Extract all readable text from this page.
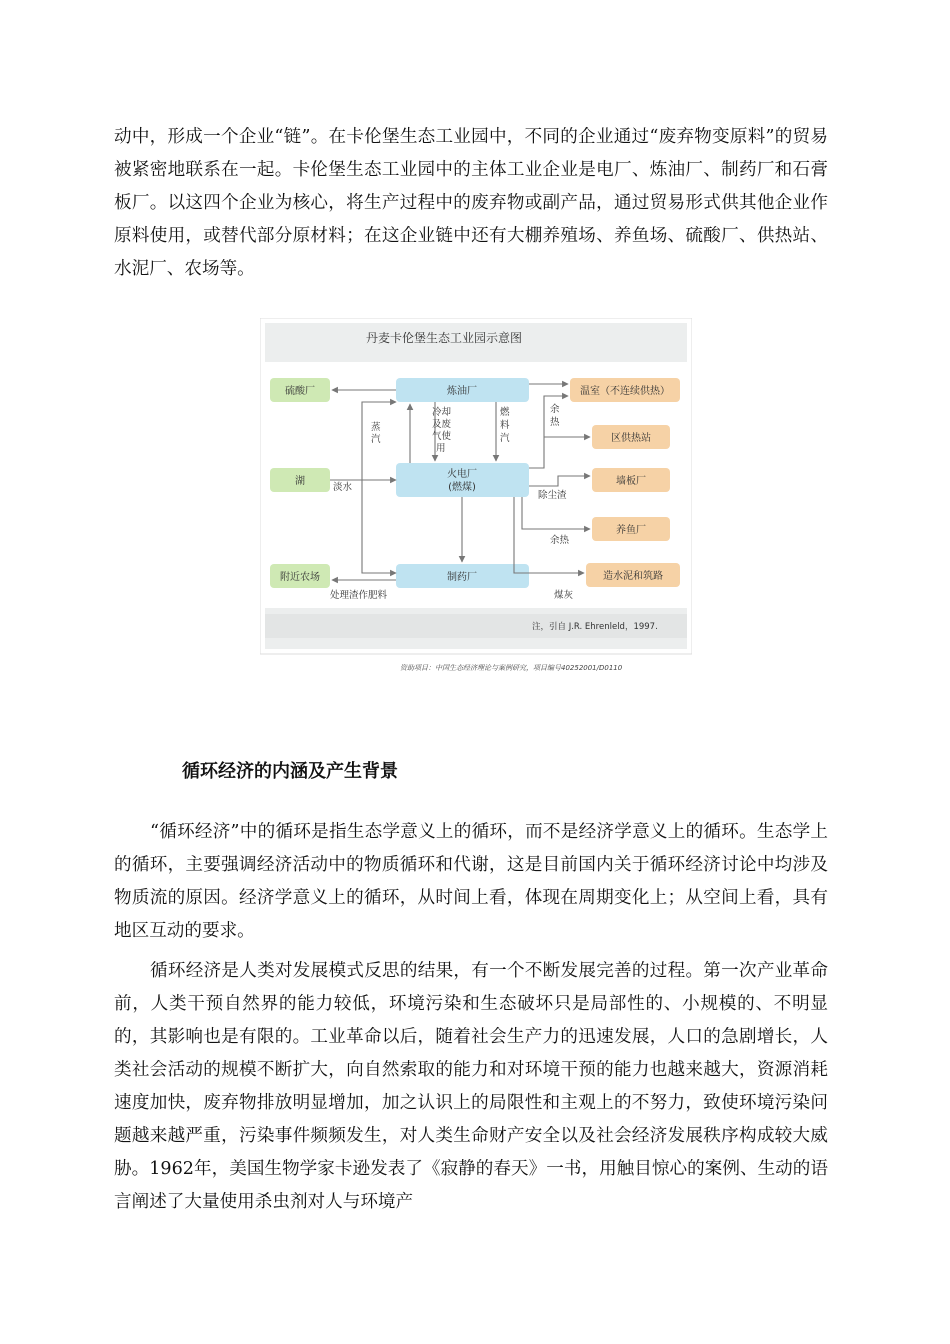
动中，形成一个企业“链”。在卡伦堡生态工业园中，不同的企业通过“废弃物变原料”的贸易被紧密地联系在一起。卡伦堡生态工业园中的主体工业企业是电厂、炼油厂、制药厂和石膏板厂。以这四个企业为核心，将生产过程中的废弃物或副产品，通过贸易形式供其他企业作原料使用，或替代部分原材料；在这企业链中还有大棚养殖场、养鱼场、硫酸厂、供热站、水泥厂、农场等。

丹麦卡伦堡生态工业园示意图
注，引自 J.R. Ehrenleld，1997.
资助项目：中国生态经济理论与案例研究，项目编号40252001/D0110
硫酸厂
湖
附近农场
炼油厂
火电厂
(燃煤)
制药厂
温室（不连续供热）
区供热站
墙板厂
养鱼厂
造水泥和筑路
蒸
汽
冷却
及废
气使
用
燃
料
汽
余
热
淡水
除尘渣
余热
处理渣作肥料	煤灰
循环经济的内涵及产生背景

“循环经济”中的循环是指生态学意义上的循环，而不是经济学意义上的循环。生态学上的循环，主要强调经济活动中的物质循环和代谢，这是目前国内关于循环经济讨论中均涉及物质流的原因。经济学意义上的循环，从时间上看，体现在周期变化上；从空间上看，具有地区互动的要求。

循环经济是人类对发展模式反思的结果，有一个不断发展完善的过程。第一次产业革命前，人类干预自然界的能力较低，环境污染和生态破坏只是局部性的、小规模的、不明显的，其影响也是有限的。工业革命以后，随着社会生产力的迅速发展，人口的急剧增长，人类社会活动的规模不断扩大，向自然索取的能力和对环境干预的能力也越来越大，资源消耗速度加快，废弃物排放明显增加，加之认识上的局限性和主观上的不努力，致使环境污染问题越来越严重，污染事件频频发生，对人类生命财产安全以及社会经济发展秩序构成较大威胁。1962年，美国生物学家卡逊发表了《寂静的春天》一书，用触目惊心的案例、生动的语言阐述了大量使用杀虫剂对人与环境产
